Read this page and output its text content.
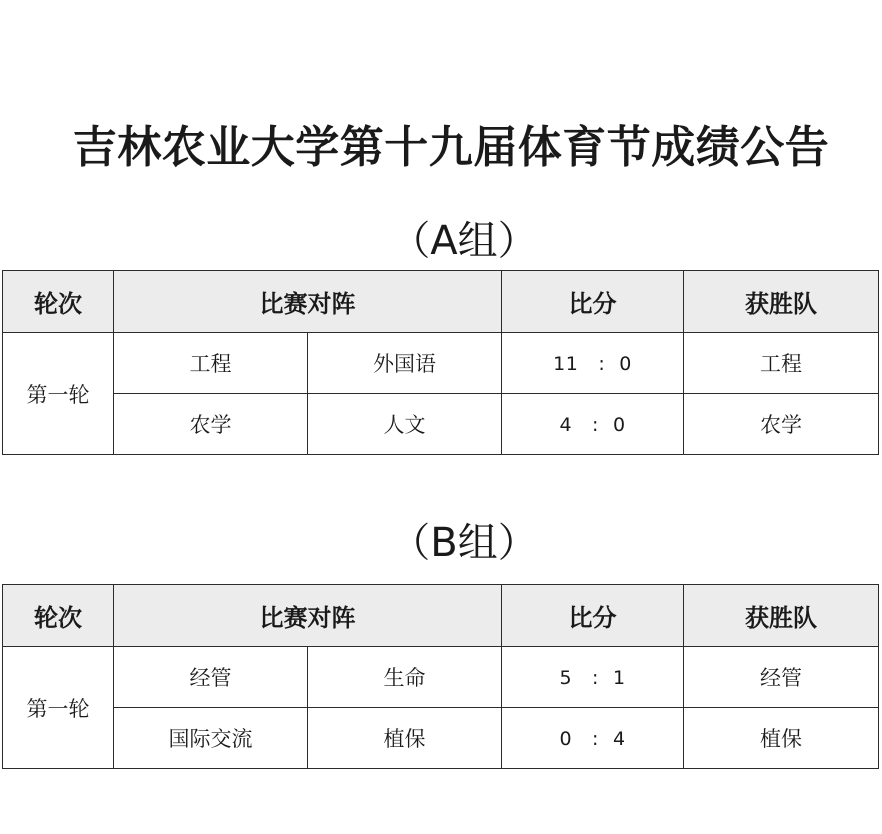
吉林农业大学第十九届体育节成绩公告
（A组）
轮次	比赛对阵		比分	获胜队
第一轮	工程	外国语	11 : 0	工程
	农学	人文	4 : 0	农学
（B组）
轮次	比赛对阵		比分	获胜队
第一轮	经管	生命	5 : 1	经管
	国际交流	植保	0 : 4	植保
